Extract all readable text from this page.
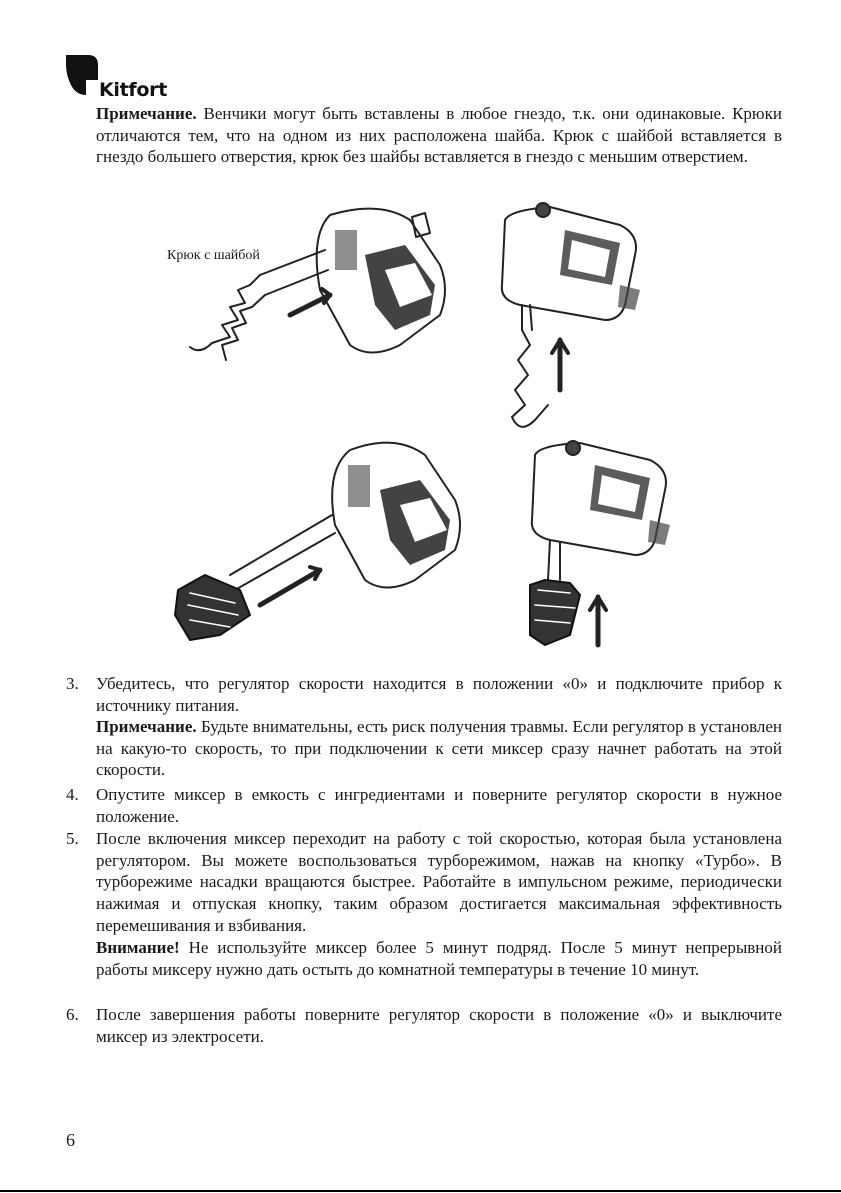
Kitfort
Примечание. Венчики могут быть вставлены в любое гнездо, т.к. они одинаковые. Крюки отличаются тем, что на одном из них расположена шайба. Крюк с шайбой вставляется в гнездо большего отверстия, крюк без шайбы вставляется в гнездо с меньшим отверстием.
Крюк с шайбой
3. Убедитесь, что регулятор скорости находится в положении «0» и подключите прибор к источнику питания.
Примечание. Будьте внимательны, есть риск получения травмы. Если регулятор в установлен на какую-то скорость, то при подключении к сети миксер сразу начнет работать на этой скорости.
4. Опустите миксер в емкость с ингредиентами и поверните регулятор скорости в нужное положение.
5. После включения миксер переходит на работу с той скоростью, которая была установлена регулятором. Вы можете воспользоваться турборежимом, нажав на кнопку «Турбо». В турборежиме насадки вращаются быстрее. Работайте в импульсном режиме, периодически нажимая и отпуская кнопку, таким образом достигается максимальная эффективность перемешивания и взбивания.
Внимание! Не используйте миксер более 5 минут подряд. После 5 минут непрерывной работы миксеру нужно дать остыть до комнатной температуры в течение 10 минут.
6. После завершения работы поверните регулятор скорости в положение «0» и выключите миксер из электросети.
6
